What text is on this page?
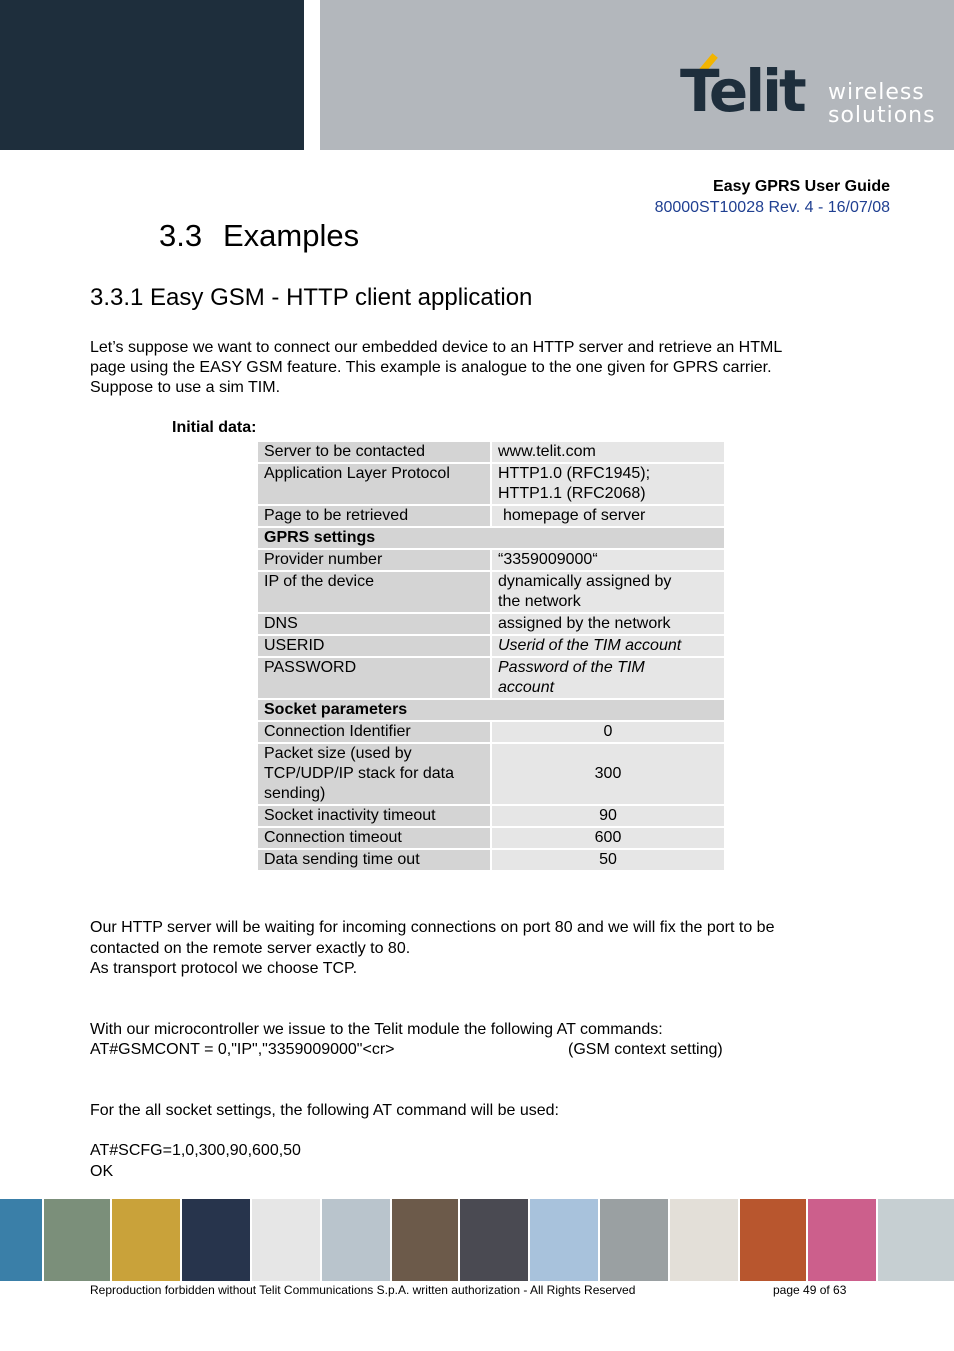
Telit wireless
solutions
Easy GPRS User Guide
80000ST10028 Rev. 4 - 16/07/08
3.3 Examples
3.3.1 Easy GSM - HTTP client application
Let’s suppose we want to connect our embedded device to an HTTP server and retrieve an HTML
page using the EASY GSM feature. This example is analogue to the one given for GPRS carrier.
Suppose to use a sim TIM.
Initial data:
Server to be contacted	www.telit.com
Application Layer Protocol	HTTP1.0 (RFC1945);
HTTP1.1 (RFC2068)

Page to be retrieved	homepage of server
GPRS settings	
Provider number	“3359009000“
IP of the device	dynamically assigned by
the network

DNS	assigned by the network
USERID	Userid of the TIM account
PASSWORD	Password of the TIM
account

Socket parameters	
Connection Identifier	0

Packet size (used by
TCP/UDP/IP stack for data
sending)	300
Socket inactivity timeout	90
Connection timeout	600
Data sending time out	50
Our HTTP server will be waiting for incoming connections on port 80 and we will fix the port to be
contacted on the remote server exactly to 80.
As transport protocol we choose TCP.
With our microcontroller we issue to the Telit module the following AT commands:
AT#GSMCONT = 0,"IP","3359009000"<cr>	(GSM context setting)
For the all socket settings, the following AT command will be used:
AT#SCFG=1,0,300,90,600,50
OK
Reproduction forbidden without Telit Communications S.p.A. written authorization - All Rights Reserved	page 49 of 63
